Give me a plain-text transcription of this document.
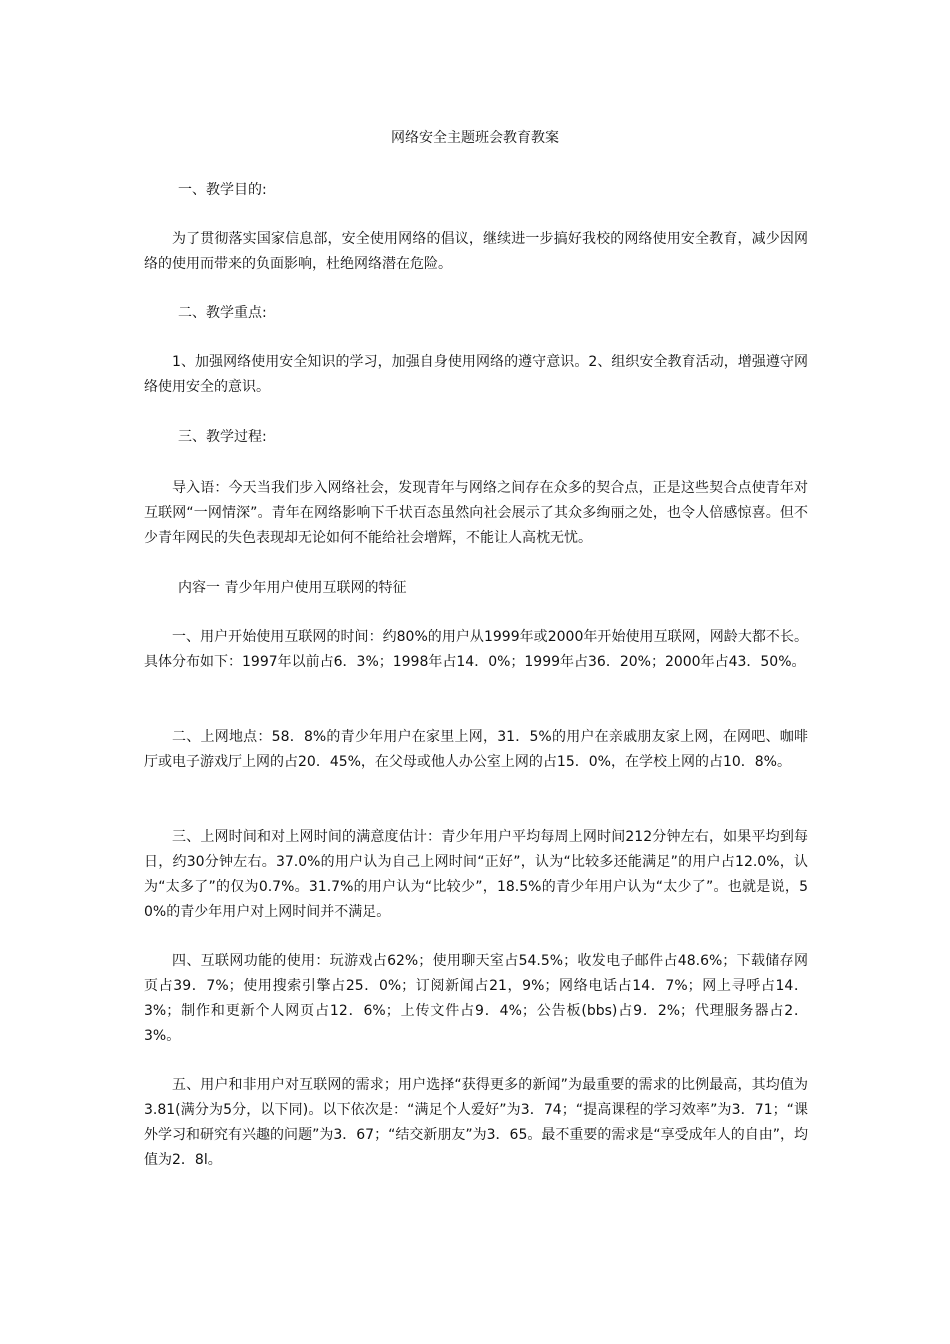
网络安全主题班会教育教案

一、教学目的:

为了贯彻落实国家信息部，安全使用网络的倡议，继续进一步搞好我校的网络使用安全教育，减少因网络的使用而带来的负面影响，杜绝网络潜在危险。

二、教学重点:

1、加强网络使用安全知识的学习，加强自身使用网络的遵守意识。2、组织安全教育活动，增强遵守网络使用安全的意识。

三、教学过程:

导入语：今天当我们步入网络社会，发现青年与网络之间存在众多的契合点，正是这些契合点使青年对互联网“一网情深”。青年在网络影响下千状百态虽然向社会展示了其众多绚丽之处，也令人倍感惊喜。但不少青年网民的失色表现却无论如何不能给社会增辉，不能让人高枕无忧。

内容一 青少年用户使用互联网的特征

一、用户开始使用互联网的时间：约80%的用户从1999年或2000年开始使用互联网，网龄大都不长。具体分布如下：1997年以前占6．3%；1998年占14．0%；1999年占36．20%；2000年占43．50%。

二、上网地点：58．8%的青少年用户在家里上网，31．5%的用户在亲戚朋友家上网，在网吧、咖啡厅或电子游戏厅上网的占20．45%，在父母或他人办公室上网的占15．0%，在学校上网的占10．8%。

三、上网时间和对上网时间的满意度估计：青少年用户平均每周上网时间212分钟左右，如果平均到每日，约30分钟左右。37.0%的用户认为自己上网时间“正好”，认为“比较多还能满足”的用户占12.0%，认为“太多了”的仅为0.7%。31.7%的用户认为“比较少”，18.5%的青少年用户认为“太少了”。也就是说，50%的青少年用户对上网时间并不满足。

四、互联网功能的使用：玩游戏占62%；使用聊天室占54.5%；收发电子邮件占48.6%；下载储存网页占39．7%；使用搜索引擎占25．0%；订阅新闻占21，9%；网络电话占14．7%；网上寻呼占14．3%；制作和更新个人网页占12．6%；上传文件占9．4%；公告板(bbs)占9．2%；代理服务器占2．3%。

五、用户和非用户对互联网的需求；用户选择“获得更多的新闻”为最重要的需求的比例最高，其均值为3.81(满分为5分，以下同)。以下依次是：“满足个人爱好”为3．74；“提高课程的学习效率”为3．71；“课外学习和研究有兴趣的问题”为3．67；“结交新朋友”为3．65。最不重要的需求是“享受成年人的自由”，均值为2．8l。
